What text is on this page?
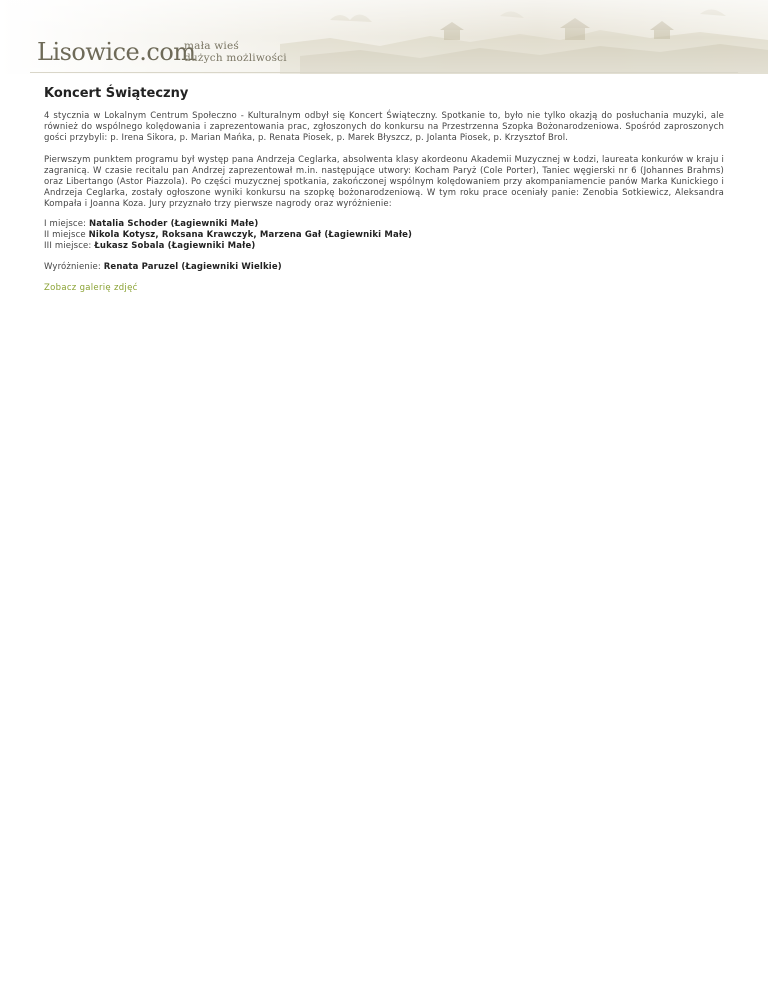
Lisowice.com
mała wieś
dużych możliwości
Koncert Świąteczny

4 stycznia w Lokalnym Centrum Społeczno - Kulturalnym odbył się Koncert Świąteczny. Spotkanie to, było nie tylko okazją do posłuchania muzyki, ale również do wspólnego kolędowania i zaprezentowania prac, zgłoszonych do konkursu na Przestrzenna Szopka Bożonarodzeniowa. Spośród zaproszonych gości przybyli: p. Irena Sikora, p. Marian Mańka, p. Renata Piosek, p. Marek Błyszcz, p. Jolanta Piosek, p. Krzysztof Brol.

Pierwszym punktem programu był występ pana Andrzeja Ceglarka, absolwenta klasy akordeonu Akademii Muzycznej w Łodzi, laureata konkurów w kraju i zagranicą. W czasie recitalu pan Andrzej zaprezentował m.in. następujące utwory: Kocham Paryż (Cole Porter), Taniec węgierski nr 6 (Johannes Brahms) oraz Libertango (Astor Piazzola). Po części muzycznej spotkania, zakończonej wspólnym kolędowaniem przy akompaniamencie panów Marka Kunickiego i Andrzeja Ceglarka, zostały ogłoszone wyniki konkursu na szopkę bożonarodzeniową. W tym roku prace oceniały panie: Zenobia Sotkiewicz, Aleksandra Kompała i Joanna Koza. Jury przyznało trzy pierwsze nagrody oraz wyróżnienie:

I miejsce: Natalia Schoder (Łagiewniki Małe)
II miejsce Nikola Kotysz, Roksana Krawczyk, Marzena Gał (Łagiewniki Małe)
III miejsce: Łukasz Sobala (Łagiewniki Małe)

Wyróżnienie: Renata Paruzel (Łagiewniki Wielkie)

Zobacz galerię zdjęć
